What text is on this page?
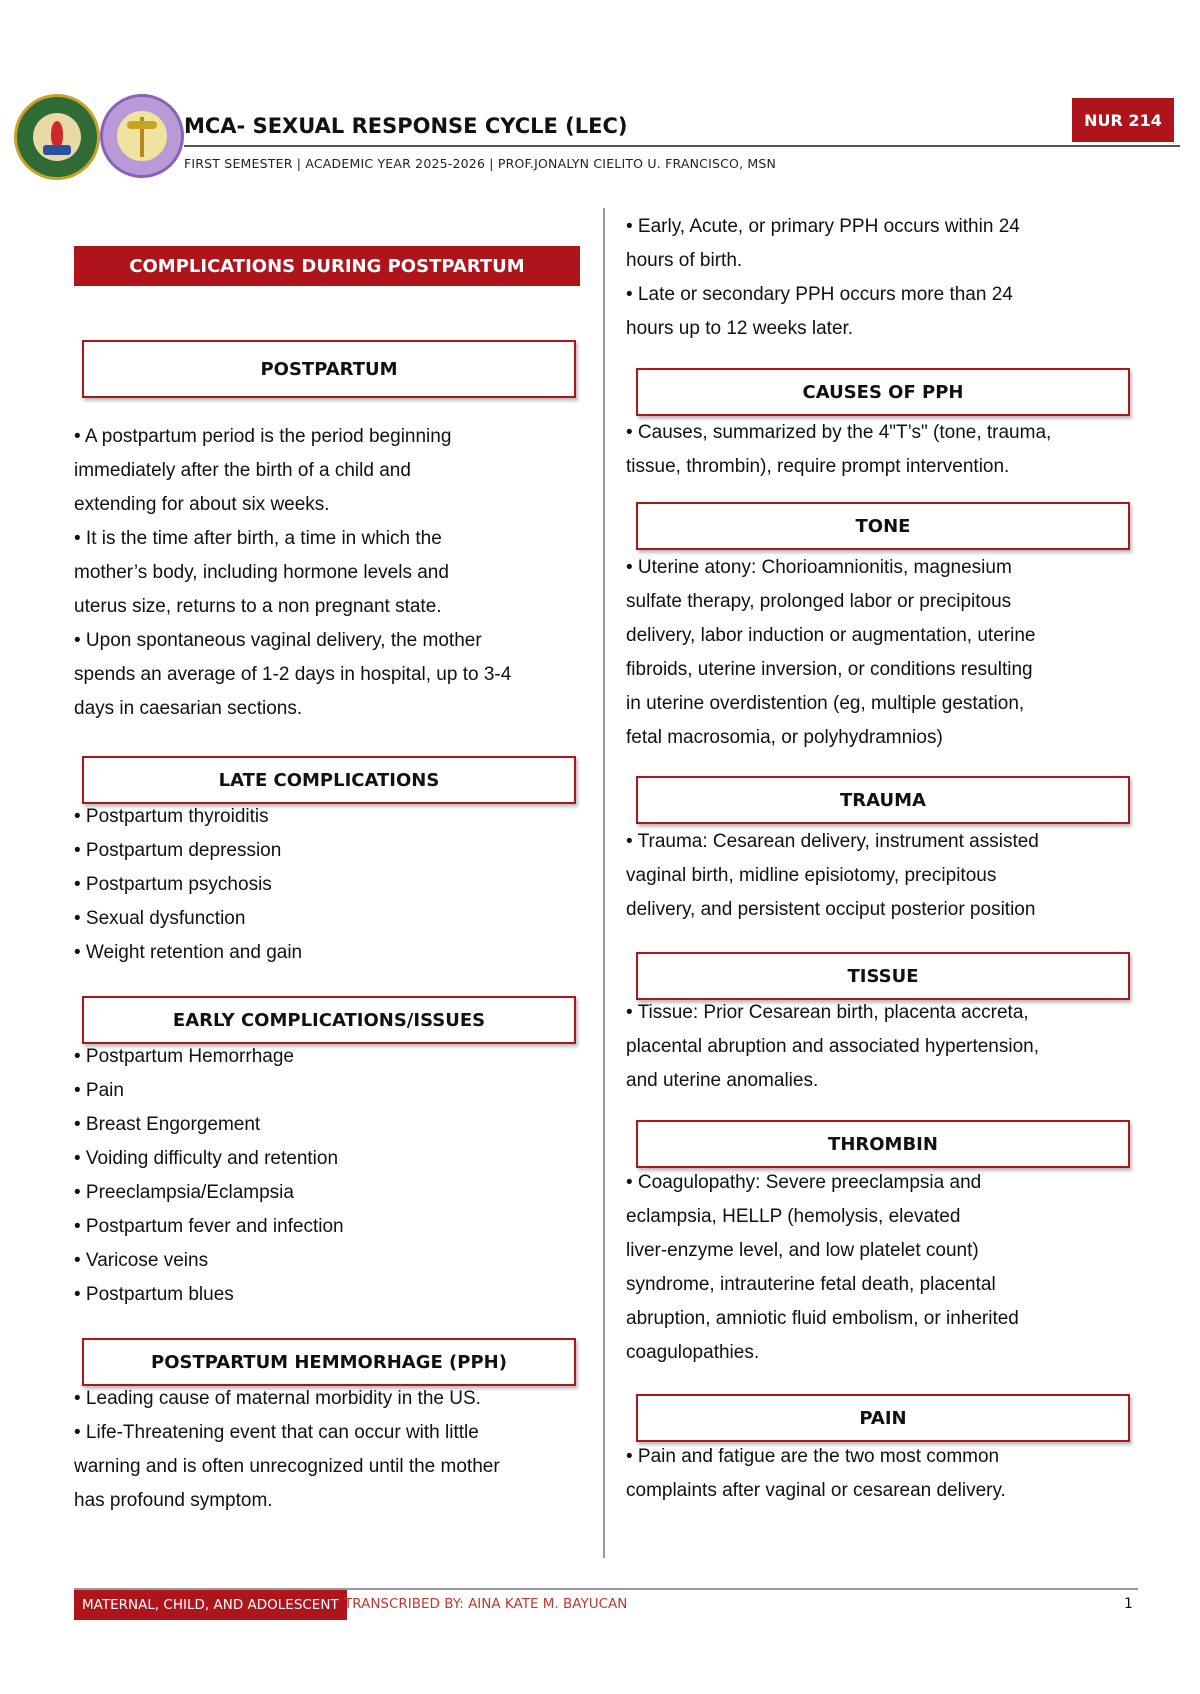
MCA- SEXUAL RESPONSE CYCLE (LEC)
FIRST SEMESTER | ACADEMIC YEAR 2025-2026 | PROF.JONALYN CIELITO U. FRANCISCO, MSN
NUR 214
COMPLICATIONS DURING POSTPARTUM
POSTPARTUM

• A postpartum period is the period beginning

immediately after the birth of a child and

extending for about six weeks.

• It is the time after birth, a time in which the

mother’s body, including hormone levels and

uterus size, returns to a non pregnant state.

• Upon spontaneous vaginal delivery, the mother

spends an average of 1-2 days in hospital, up to 3-4

days in caesarian sections.

LATE COMPLICATIONS

• Postpartum thyroiditis

• Postpartum depression

• Postpartum psychosis

• Sexual dysfunction

• Weight retention and gain

EARLY COMPLICATIONS/ISSUES

• Postpartum Hemorrhage

• Pain

• Breast Engorgement

• Voiding difficulty and retention

• Preeclampsia/Eclampsia

• Postpartum fever and infection

• Varicose veins

• Postpartum blues

POSTPARTUM HEMMORHAGE (PPH)

• Leading cause of maternal morbidity in the US.

• Life-Threatening event that can occur with little

warning and is often unrecognized until the mother

has profound symptom.

• Early, Acute, or primary PPH occurs within 24

hours of birth.

• Late or secondary PPH occurs more than 24

hours up to 12 weeks later.

CAUSES OF PPH

• Causes, summarized by the 4"T’s" (tone, trauma,

tissue, thrombin), require prompt intervention.

TONE

• Uterine atony: Chorioamnionitis, magnesium

sulfate therapy, prolonged labor or precipitous

delivery, labor induction or augmentation, uterine

fibroids, uterine inversion, or conditions resulting

in uterine overdistention (eg, multiple gestation,

fetal macrosomia, or polyhydramnios)

TRAUMA

• Trauma: Cesarean delivery, instrument assisted

vaginal birth, midline episiotomy, precipitous

delivery, and persistent occiput posterior position

TISSUE

• Tissue: Prior Cesarean birth, placenta accreta,

placental abruption and associated hypertension,

and uterine anomalies.

THROMBIN

• Coagulopathy: Severe preeclampsia and

eclampsia, HELLP (hemolysis, elevated

liver-enzyme level, and low platelet count)

syndrome, intrauterine fetal death, placental

abruption, amniotic fluid embolism, or inherited

coagulopathies.

PAIN

• Pain and fatigue are the two most common

complaints after vaginal or cesarean delivery.

MATERNAL, CHILD, AND ADOLESCENT TRANSCRIBED BY: AINA KATE M. BAYUCAN	1
